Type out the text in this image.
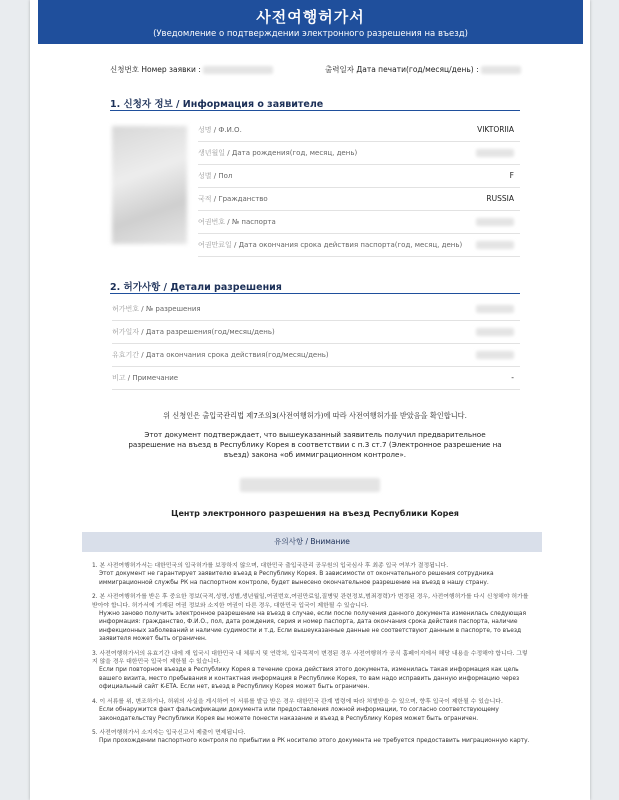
사전여행허가서
(Уведомление о подтверждении электронного разрешения на въезд)
신청번호 Номер заявки :	출력일자 Дата печати(год/месяц/день) :
1. 신청자 정보 / Информация о заявителе
성명 / Ф.И.О.	VIKTORIIA
생년월일 / Дата рождения(год, месяц, день)
성별 / Пол	F
국적 / Гражданство	RUSSIA
여권번호 / № паспорта
여권만료일 / Дата окончания срока действия паспорта(год, месяц, день)
2. 허가사항 / Детали разрешения
허가번호 / № разрешения
허가일자 / Дата разрешения(год/месяц/день)
유효기간 / Дата окончания срока действия(год/месяц/день)
비고 / Примечание	-
위 신청인은 출입국관리법 제7조의3(사전여행허가)에 따라 사전여행허가를 받았음을 확인합니다.
Этот документ подтверждает, что вышеуказанный заявитель получил предварительное разрешение на въезд в Республику Корея в соответствии с п.3 ст.7 (Электронное разрешение на въезд) закона «об иммиграционном контроле».
Центр электронного разрешения на въезд Республики Корея
유의사항 / Внимание
1. 본 사전여행허가서는 대한민국의 입국허가를 보장하지 않으며, 대한민국 출입국관리 공무원의 입국심사 후 최종 입국 여부가 결정됩니다.
Этот документ не гарантирует заявителю въезд в Республику Корея. В зависимости от окончательного решения сотрудника иммиграционной службы РК на паспортном контроле, будет вынесено окончательное разрешение на въезд в нашу страну.
2. 본 사전여행허가를 받은 후 중요한 정보(국적,성명,성별,생년월일,여권번호,여권만료일,질병및 관련정보,범죄경력)가 변경된 경우, 사전여행허가를 다시 신청해야 허가를 받아야 합니다. 허가서에 기재된 여권 정보와 소지한 여권이 다른 경우, 대한민국 입국이 제한될 수 있습니다.
Нужно заново получить электронное разрешение на въезд в случае, если после получения данного документа изменилась следующая информация: гражданство, Ф.И.О., пол, дата рождения, серия и номер паспорта, дата окончания срока действия паспорта, наличие инфекционных заболеваний и наличие судимости и т.д. Если вышеуказанные данные не соответствуют данным в паспорте, то въезд заявителя может быть ограничен.
3. 사전여행허가서의 유효기간 내에 재 입국시 대한민국 내 체류지 및 연락처, 입국목적이 변경된 경우 사전여행허가 공식 홈페이지에서 해당 내용을 수정해야 합니다. 그렇지 않을 경우 대한민국 입국이 제한될 수 있습니다.
Если при повторном въезде в Республику Корея в течение срока действия этого документа, изменилась такая информация как цель вашего визита, место пребывания и контактная информация в Республике Корея, то вам надо исправить данную информацию через официальный сайт K-ETA. Если нет, въезд в Республику Корея может быть ограничен.
4. 이 서류를 위, 변조하거나, 허위의 사실을 게시하여 이 서류를 발급 받은 경우 대한민국 관계 법령에 따라 처벌받을 수 있으며, 향후 입국이 제한될 수 있습니다.
Если обнаружится факт фальсификации документа или предоставления ложной информации, то согласно соответствующему законодательству Республики Корея вы можете понести наказание и въезд в Республику Корея может быть ограничен.
5. 사전여행허가서 소지자는 입국신고서 제출이 면제됩니다.
При прохождении паспортного контроля по прибытии в РК носителю этого документа не требуется предоставить миграционную карту.
